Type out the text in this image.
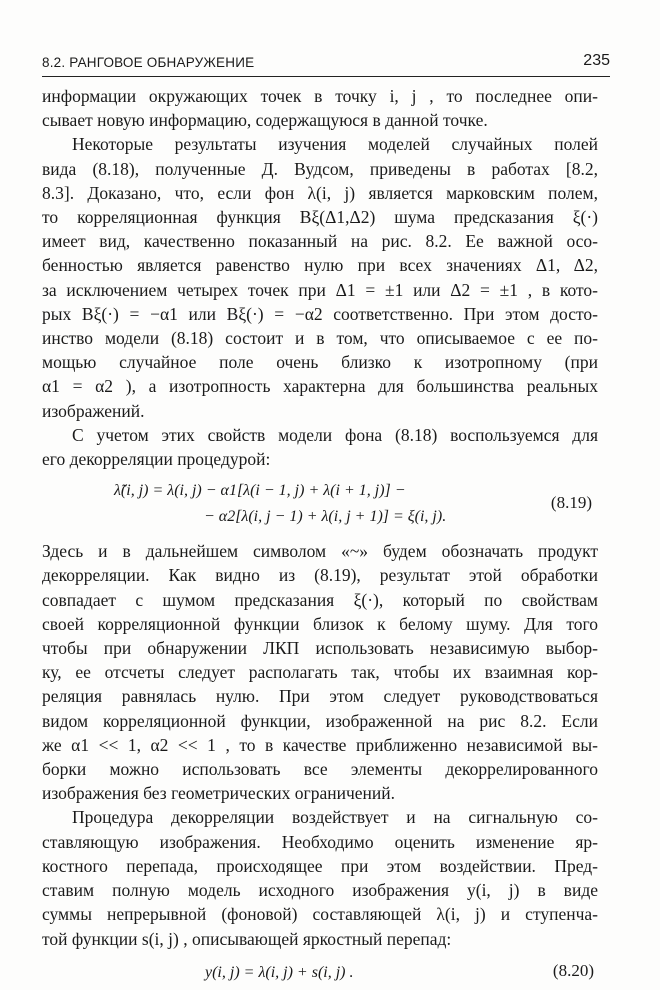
8.2. РАНГОВОЕ ОБНАРУЖЕНИЕ	235
информации окружающих точек в точку i, j , то последнее опи-
сывает новую информацию, содержащуюся в данной точке.
Некоторые результаты изучения моделей случайных полей
вида (8.18), полученные Д. Вудсом, приведены в работах [8.2,
8.3]. Доказано, что, если фон λ(i, j) является марковским полем,
то корреляционная функция Bξ(Δ1,Δ2) шума предсказания ξ(·)
имеет вид, качественно показанный на рис. 8.2. Ее важной осо-
бенностью является равенство нулю при всех значениях Δ1, Δ2,
за исключением четырех точек при Δ1 = ±1 или Δ2 = ±1 , в кото-
рых Bξ(·) = −α1 или Bξ(·) = −α2 соответственно. При этом досто-
инство модели (8.18) состоит и в том, что описываемое с ее по-
мощью случайное поле очень близко к изотропному (при
α1 = α2 ), а изотропность характерна для большинства реальных
изображений.
С учетом этих свойств модели фона (8.18) воспользуемся для
его декорреляции процедурой:
λ̃(i, j) = λ(i, j) − α1[λ(i − 1, j) + λ(i + 1, j)] −
− α2[λ(i, j − 1) + λ(i, j + 1)] = ξ(i, j).
(8.19)
Здесь и в дальнейшем символом «~» будем обозначать продукт
декорреляции. Как видно из (8.19), результат этой обработки
совпадает с шумом предсказания ξ(·), который по свойствам
своей корреляционной функции близок к белому шуму. Для того
чтобы при обнаружении ЛКП использовать независимую выбор-
ку, ее отсчеты следует располагать так, чтобы их взаимная кор-
реляция равнялась нулю. При этом следует руководствоваться
видом корреляционной функции, изображенной на рис 8.2. Если
же α1 << 1, α2 << 1 , то в качестве приближенно независимой вы-
борки можно использовать все элементы декоррелированного
изображения без геометрических ограничений.
Процедура декорреляции воздействует и на сигнальную со-
ставляющую изображения. Необходимо оценить изменение яр-
костного перепада, происходящее при этом воздействии. Пред-
ставим полную модель исходного изображения y(i, j) в виде
суммы непрерывной (фоновой) составляющей λ(i, j) и ступенча-
той функции s(i, j) , описывающей яркостный перепад:
y(i, j) = λ(i, j) + s(i, j) .	(8.20)
